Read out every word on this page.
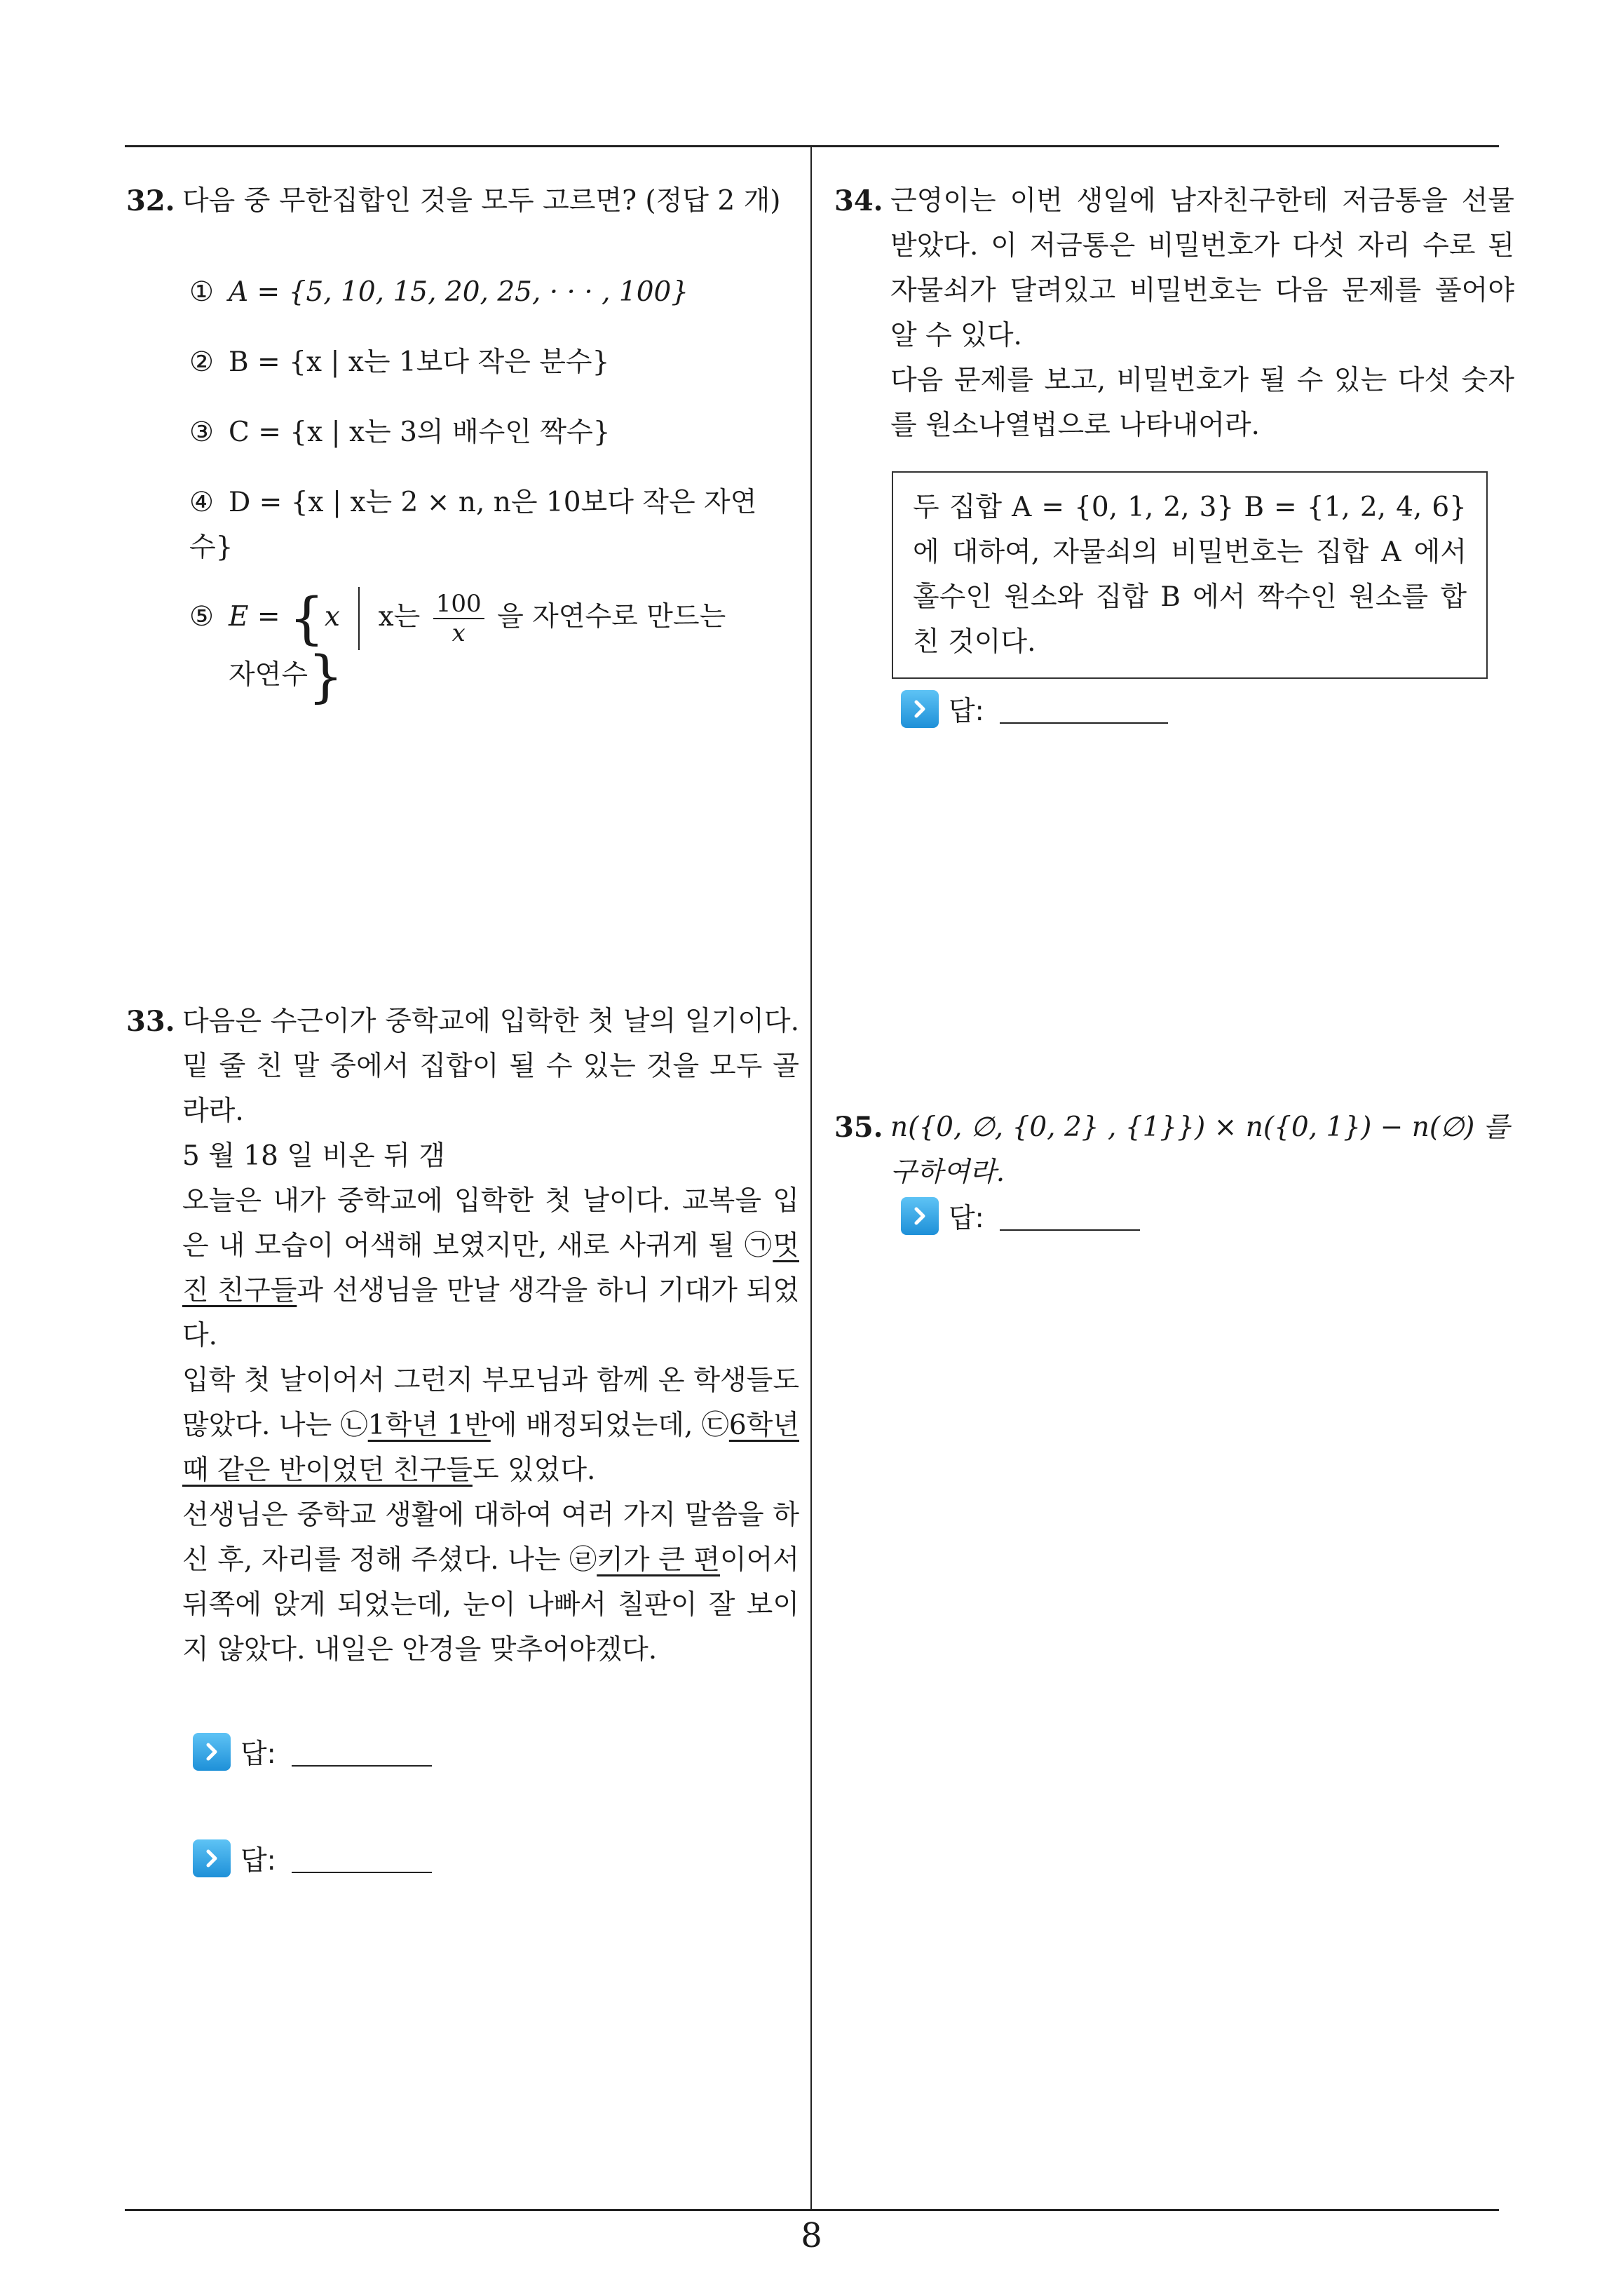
32. 다음 중 무한집합인 것을 모두 고르면? (정답 2 개)
① A = {5, 10, 15, 20, 25, · · · , 100}
② B = {x | x는 1보다 작은 분수}
③ C = {x | x는 3의 배수인 짝수}
④ D = {x | x는 2 × n, n은 10보다 작은 자연수}
⑤ E = {x x는 $\frac{100}{x}$ 을 자연수로 만드는
자연수}
33. 다음은 수근이가 중학교에 입학한 첫 날의 일기이다. 밑 줄 친 말 중에서 집합이 될 수 있는 것을 모두 골라라.
5 월 18 일 비온 뒤 갬
오늘은 내가 중학교에 입학한 첫 날이다. 교복을 입은 내 모습이 어색해 보였지만, 새로 사귀게 될 ㉠멋진 친구들과 선생님을 만날 생각을 하니 기대가 되었다.
입학 첫 날이어서 그런지 부모님과 함께 온 학생들도 많았다. 나는 ㉡1학년 1반에 배정되었는데, ㉢6학년 때 같은 반이었던 친구들도 있었다.
선생님은 중학교 생활에 대하여 여러 가지 말씀을 하신 후, 자리를 정해 주셨다. 나는 ㉣키가 큰 편이어서 뒤쪽에 앉게 되었는데, 눈이 나빠서 칠판이 잘 보이지 않았다. 내일은 안경을 맞추어야겠다.
답:
답:
34. 근영이는 이번 생일에 남자친구한테 저금통을 선물받았다. 이 저금통은 비밀번호가 다섯 자리 수로 된 자물쇠가 달려있고 비밀번호는 다음 문제를 풀어야 알 수 있다.
다음 문제를 보고, 비밀번호가 될 수 있는 다섯 숫자를 원소나열법으로 나타내어라.
두 집합 A = {0, 1, 2, 3} B = {1, 2, 4, 6} 에 대하여, 자물쇠의 비밀번호는 집합 A 에서 홀수인 원소와 집합 B 에서 짝수인 원소를 합친 것이다.
답:
35. n({0, ∅, {0, 2} , {1}}) × n({0, 1}) − n(∅) 를 구하여라.
답:
8
